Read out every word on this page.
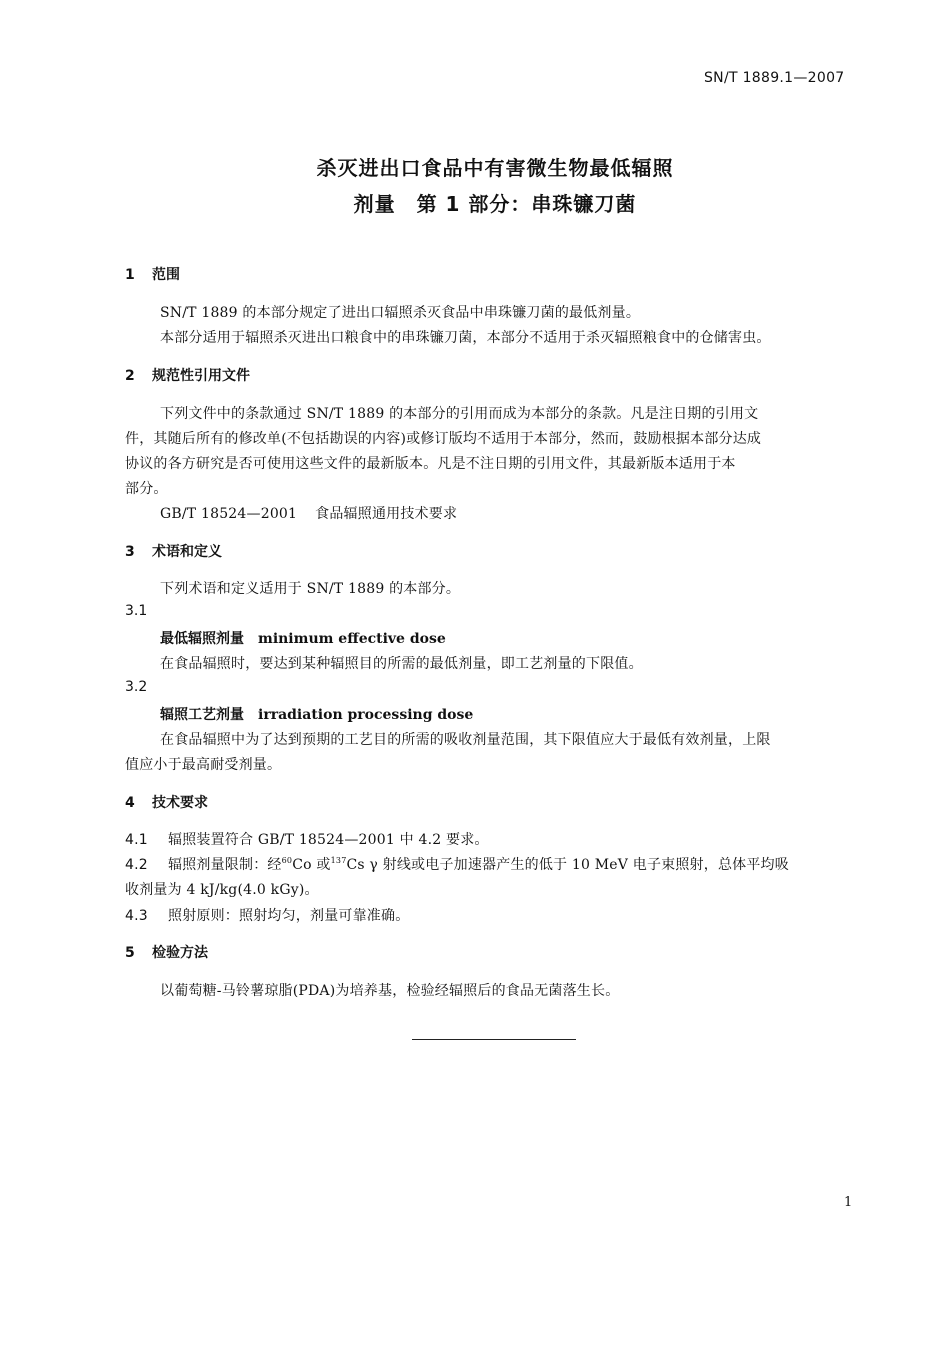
SN/T 1889.1—2007
杀灭进出口食品中有害微生物最低辐照
剂量　第 1 部分：串珠镰刀菌
1 范围
SN/T 1889 的本部分规定了进出口辐照杀灭食品中串珠镰刀菌的最低剂量。
本部分适用于辐照杀灭进出口粮食中的串珠镰刀菌，本部分不适用于杀灭辐照粮食中的仓储害虫。
2 规范性引用文件
下列文件中的条款通过 SN/T 1889 的本部分的引用而成为本部分的条款。凡是注日期的引用文
件，其随后所有的修改单(不包括勘误的内容)或修订版均不适用于本部分，然而，鼓励根据本部分达成
协议的各方研究是否可使用这些文件的最新版本。凡是不注日期的引用文件，其最新版本适用于本
部分。
GB/T 18524—2001 食品辐照通用技术要求
3 术语和定义
下列术语和定义适用于 SN/T 1889 的本部分。
3.1
最低辐照剂量 minimum effective dose
在食品辐照时，要达到某种辐照目的所需的最低剂量，即工艺剂量的下限值。
3.2
辐照工艺剂量 irradiation processing dose
在食品辐照中为了达到预期的工艺目的所需的吸收剂量范围，其下限值应大于最低有效剂量，上限
值应小于最高耐受剂量。
4 技术要求
4.1 辐照装置符合 GB/T 18524—2001 中 4.2 要求。
4.2 辐照剂量限制：经$^{60}$Co 或$^{137}$Cs γ 射线或电子加速器产生的低于 10 MeV 电子束照射，总体平均吸
收剂量为 4 kJ/kg(4.0 kGy)。
4.3 照射原则：照射均匀，剂量可靠准确。
5 检验方法
以葡萄糖-马铃薯琼脂(PDA)为培养基，检验经辐照后的食品无菌落生长。
1
